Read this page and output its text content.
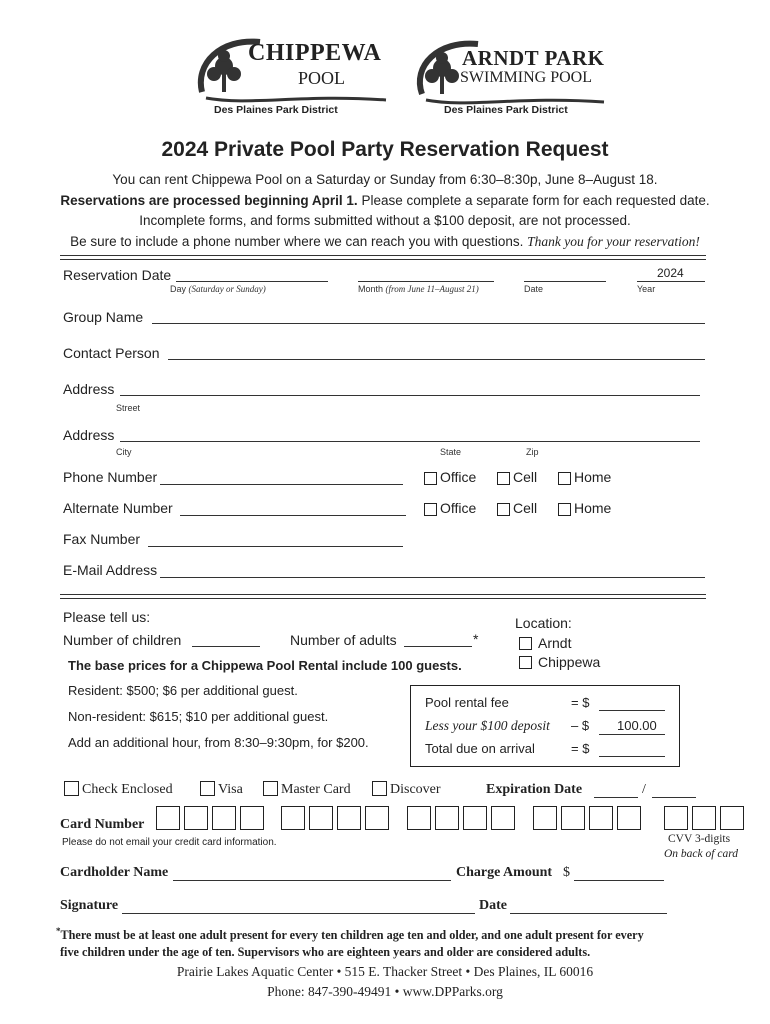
CHIPPEWA
POOL
Des Plaines Park District
ARNDT PARK
SWIMMING POOL
Des Plaines Park District
2024 Private Pool Party Reservation Request
You can rent Chippewa Pool on a Saturday or Sunday from 6:30–8:30p, June 8–August 18.
Reservations are processed beginning April 1. Please complete a separate form for each requested date.
Incomplete forms, and forms submitted without a $100 deposit, are not processed.
Be sure to include a phone number where we can reach you with questions. Thank you for your reservation!
Reservation Date
Day (Saturday or Sunday)	Month (from June 11–August 21)	Date
2024
Year
Group Name
Contact Person
Address
Street
Address
City	State	Zip
Phone Number	Office	Cell	Home
Alternate Number	Office	Cell	Home
Fax Number
E-Mail Address
Please tell us:
Number of children	Number of adults	*
Location:
Arndt
Chippewa
The base prices for a Chippewa Pool Rental include 100 guests.
Resident: $500; $6 per additional guest.
Non-resident: $615; $10 per additional guest.
Add an additional hour, from 8:30–9:30pm, for $200.
Pool rental fee	= $
Less your $100 deposit – $ 100.00
Total due on arrival	= $
Check Enclosed	Visa	Master Card	Discover	Expiration Date	/
Card Number
Please do not email your credit card information.	CVV 3-digits
On back of card
Cardholder Name	Charge Amount $
Signature	Date
*There must be at least one adult present for every ten children age ten and older, and one adult present for every
five children under the age of ten. Supervisors who are eighteen years and older are considered adults.
Prairie Lakes Aquatic Center • 515 E. Thacker Street • Des Plaines, IL 60016
Phone: 847-390-49491 • www.DPParks.org
